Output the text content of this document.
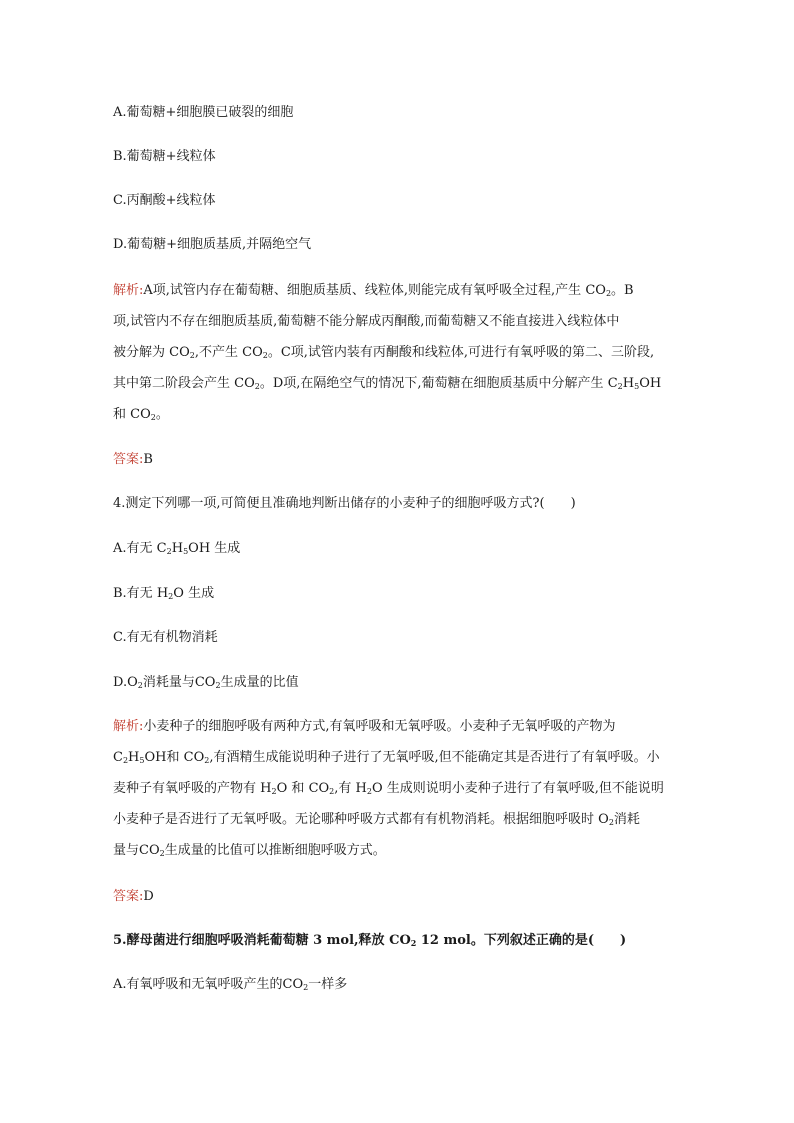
A.葡萄糖+细胞膜已破裂的细胞
B.葡萄糖+线粒体
C.丙酮酸+线粒体
D.葡萄糖+细胞质基质,并隔绝空气
解析:A项,试管内存在葡萄糖、细胞质基质、线粒体,则能完成有氧呼吸全过程,产生 $CO_2$。B
项,试管内不存在细胞质基质,葡萄糖不能分解成丙酮酸,而葡萄糖又不能直接进入线粒体中
被分解为 $CO_2$,不产生 $CO_2$。C项,试管内装有丙酮酸和线粒体,可进行有氧呼吸的第二、三阶段,
其中第二阶段会产生 $CO_2$。D项,在隔绝空气的情况下,葡萄糖在细胞质基质中分解产生 $C_2H_5OH$
和 $CO_2$。
答案:B
4.测定下列哪一项,可简便且准确地判断出储存的小麦种子的细胞呼吸方式?(　　)
A.有无 $C_2H_5OH$ 生成
B.有无 $H_2O$ 生成
C.有无有机物消耗
$D.O_2$消耗量与$CO_2$生成量的比值
解析:小麦种子的细胞呼吸有两种方式,有氧呼吸和无氧呼吸。小麦种子无氧呼吸的产物为
$C_2H_5OH$和 $CO_2$,有酒精生成能说明种子进行了无氧呼吸,但不能确定其是否进行了有氧呼吸。小
麦种子有氧呼吸的产物有 $H_2O$ 和 $CO_2$,有 $H_2O$ 生成则说明小麦种子进行了有氧呼吸,但不能说明
小麦种子是否进行了无氧呼吸。无论哪种呼吸方式都有有机物消耗。根据细胞呼吸时 $O_2$消耗
量与$CO_2$生成量的比值可以推断细胞呼吸方式。
答案:D
5.酵母菌进行细胞呼吸消耗葡萄糖 3 mol,释放 $CO_2$ 12 mol。下列叙述正确的是(　　)
A.有氧呼吸和无氧呼吸产生的$CO_2$一样多
